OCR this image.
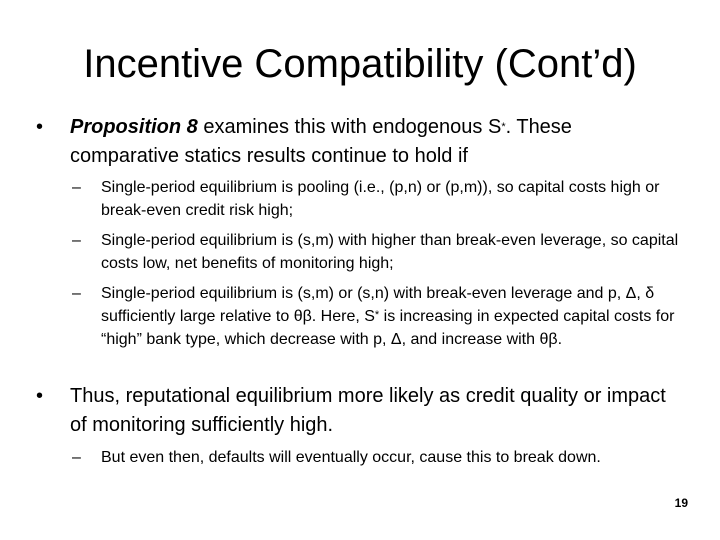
Incentive Compatibility (Cont’d)
• Proposition 8 examines this with endogenous S*. These comparative statics results continue to hold if
– Single-period equilibrium is pooling (i.e., (p,n) or (p,m)), so capital costs high or break-even credit risk high;
– Single-period equilibrium is (s,m) with higher than break-even leverage, so capital costs low, net benefits of monitoring high;
– Single-period equilibrium is (s,m) or (s,n) with break-even leverage and p, Δ, δ sufficiently large relative to θβ. Here, S* is increasing in expected capital costs for “high” bank type, which decrease with p, Δ, and increase with θβ.
• Thus, reputational equilibrium more likely as credit quality or impact of monitoring sufficiently high.
– But even then, defaults will eventually occur, cause this to break down.
19
